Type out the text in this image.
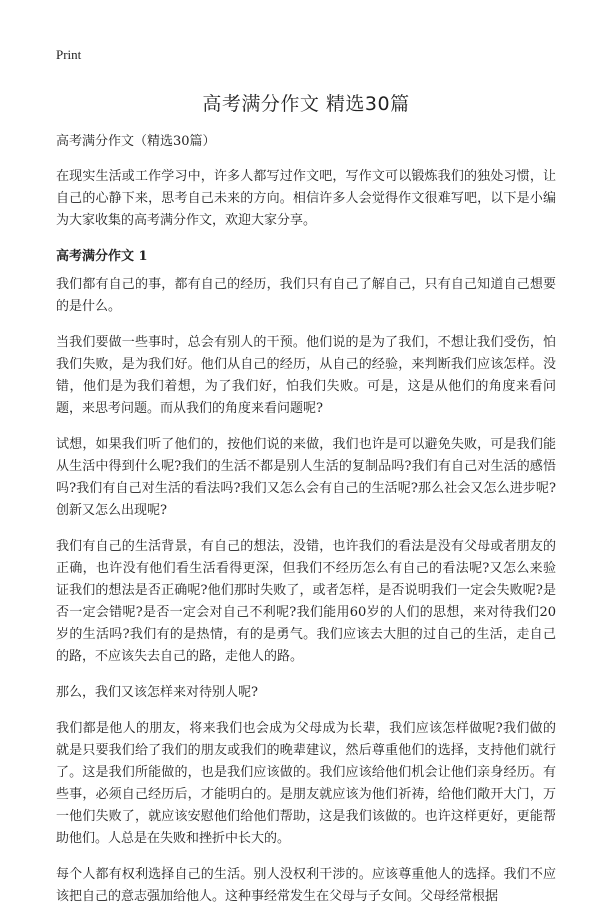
Print
高考满分作文 精选30篇
高考满分作文（精选30篇）

在现实生活或工作学习中，许多人都写过作文吧，写作文可以锻炼我们的独处习惯，让自己的心静下来，思考自己未来的方向。相信许多人会觉得作文很难写吧，以下是小编为大家收集的高考满分作文，欢迎大家分享。

高考满分作文 1

我们都有自己的事，都有自己的经历，我们只有自己了解自己，只有自己知道自己想要的是什么。

当我们要做一些事时，总会有别人的干预。他们说的是为了我们，不想让我们受伤，怕我们失败，是为我们好。他们从自己的经历，从自己的经验，来判断我们应该怎样。没错，他们是为我们着想，为了我们好，怕我们失败。可是，这是从他们的角度来看问题，来思考问题。而从我们的角度来看问题呢?

试想，如果我们听了他们的，按他们说的来做，我们也许是可以避免失败，可是我们能从生活中得到什么呢?我们的生活不都是别人生活的复制品吗?我们有自己对生活的感悟吗?我们有自己对生活的看法吗?我们又怎么会有自己的生活呢?那么社会又怎么进步呢?创新又怎么出现呢?

我们有自己的生活背景，有自己的想法，没错，也许我们的看法是没有父母或者朋友的正确，也许没有他们看生活看得更深，但我们不经历怎么有自己的看法呢?又怎么来验证我们的想法是否正确呢?他们那时失败了，或者怎样，是否说明我们一定会失败呢?是否一定会错呢?是否一定会对自己不利呢?我们能用60岁的人们的思想，来对待我们20岁的生活吗?我们有的是热情，有的是勇气。我们应该去大胆的过自己的生活，走自己的路，不应该失去自己的路，走他人的路。

那么，我们又该怎样来对待别人呢?

我们都是他人的朋友，将来我们也会成为父母成为长辈，我们应该怎样做呢?我们做的就是只要我们给了我们的朋友或我们的晚辈建议，然后尊重他们的选择，支持他们就行了。这是我们所能做的，也是我们应该做的。我们应该给他们机会让他们亲身经历。有些事，必须自己经历后，才能明白的。是朋友就应该为他们祈祷，给他们敞开大门，万一他们失败了，就应该安慰他们给他们帮助，这是我们该做的。也许这样更好，更能帮助他们。人总是在失败和挫折中长大的。

每个人都有权利选择自己的生活。别人没权利干涉的。应该尊重他人的选择。我们不应该把自己的意志强加给他人。这种事经常发生在父母与子女间。父母经常根据
